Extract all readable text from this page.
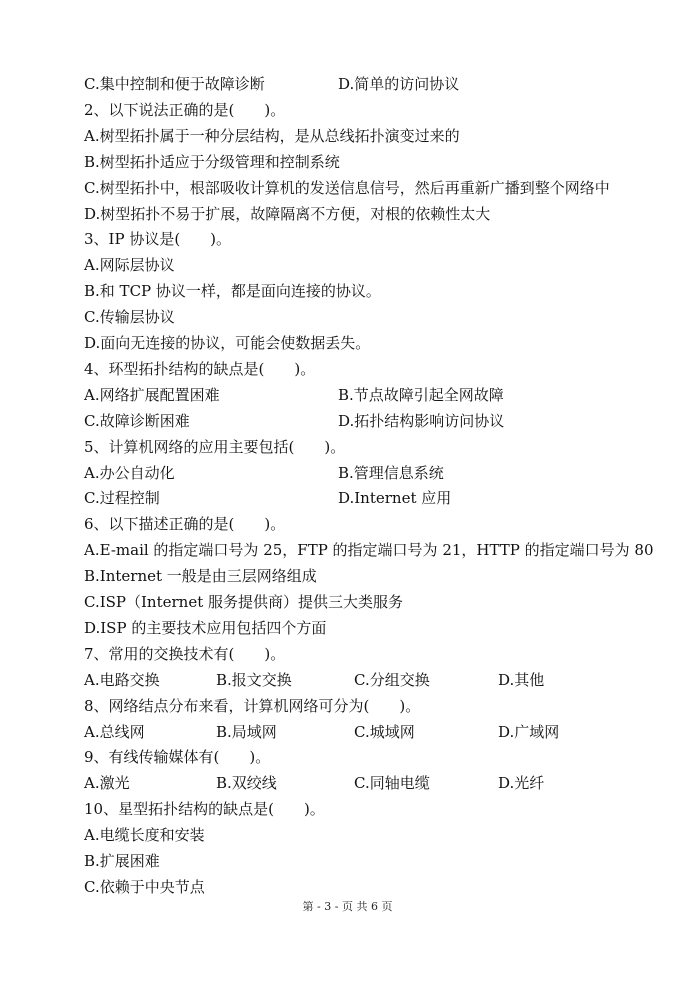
C.集中控制和便于故障诊断	D.简单的访问协议
2、以下说法正确的是(　　)。
A.树型拓扑属于一种分层结构，是从总线拓扑演变过来的
B.树型拓扑适应于分级管理和控制系统
C.树型拓扑中，根部吸收计算机的发送信息信号，然后再重新广播到整个网络中
D.树型拓扑不易于扩展，故障隔离不方便，对根的依赖性太大
3、IP 协议是(　　)。
A.网际层协议
B.和 TCP 协议一样，都是面向连接的协议。
C.传输层协议
D.面向无连接的协议，可能会使数据丢失。
4、环型拓扑结构的缺点是(　　)。
A.网络扩展配置困难	B.节点故障引起全网故障
C.故障诊断困难	D.拓扑结构影响访问协议
5、计算机网络的应用主要包括(　　)。
A.办公自动化	B.管理信息系统
C.过程控制	D.Internet 应用
6、以下描述正确的是(　　)。
A.E-mail 的指定端口号为 25，FTP 的指定端口号为 21，HTTP 的指定端口号为 80
B.Internet 一般是由三层网络组成
C.ISP（Internet 服务提供商）提供三大类服务
D.ISP 的主要技术应用包括四个方面
7、常用的交换技术有(　　)。
A.电路交换	B.报文交换	C.分组交换	D.其他
8、网络结点分布来看，计算机网络可分为(　　)。
A.总线网	B.局域网	C.城域网	D.广域网
9、有线传输媒体有(　　)。
A.激光	B.双绞线	C.同轴电缆	D.光纤
10、星型拓扑结构的缺点是(　　)。
A.电缆长度和安装
B.扩展困难
C.依赖于中央节点
第 - 3 - 页 共 6 页
